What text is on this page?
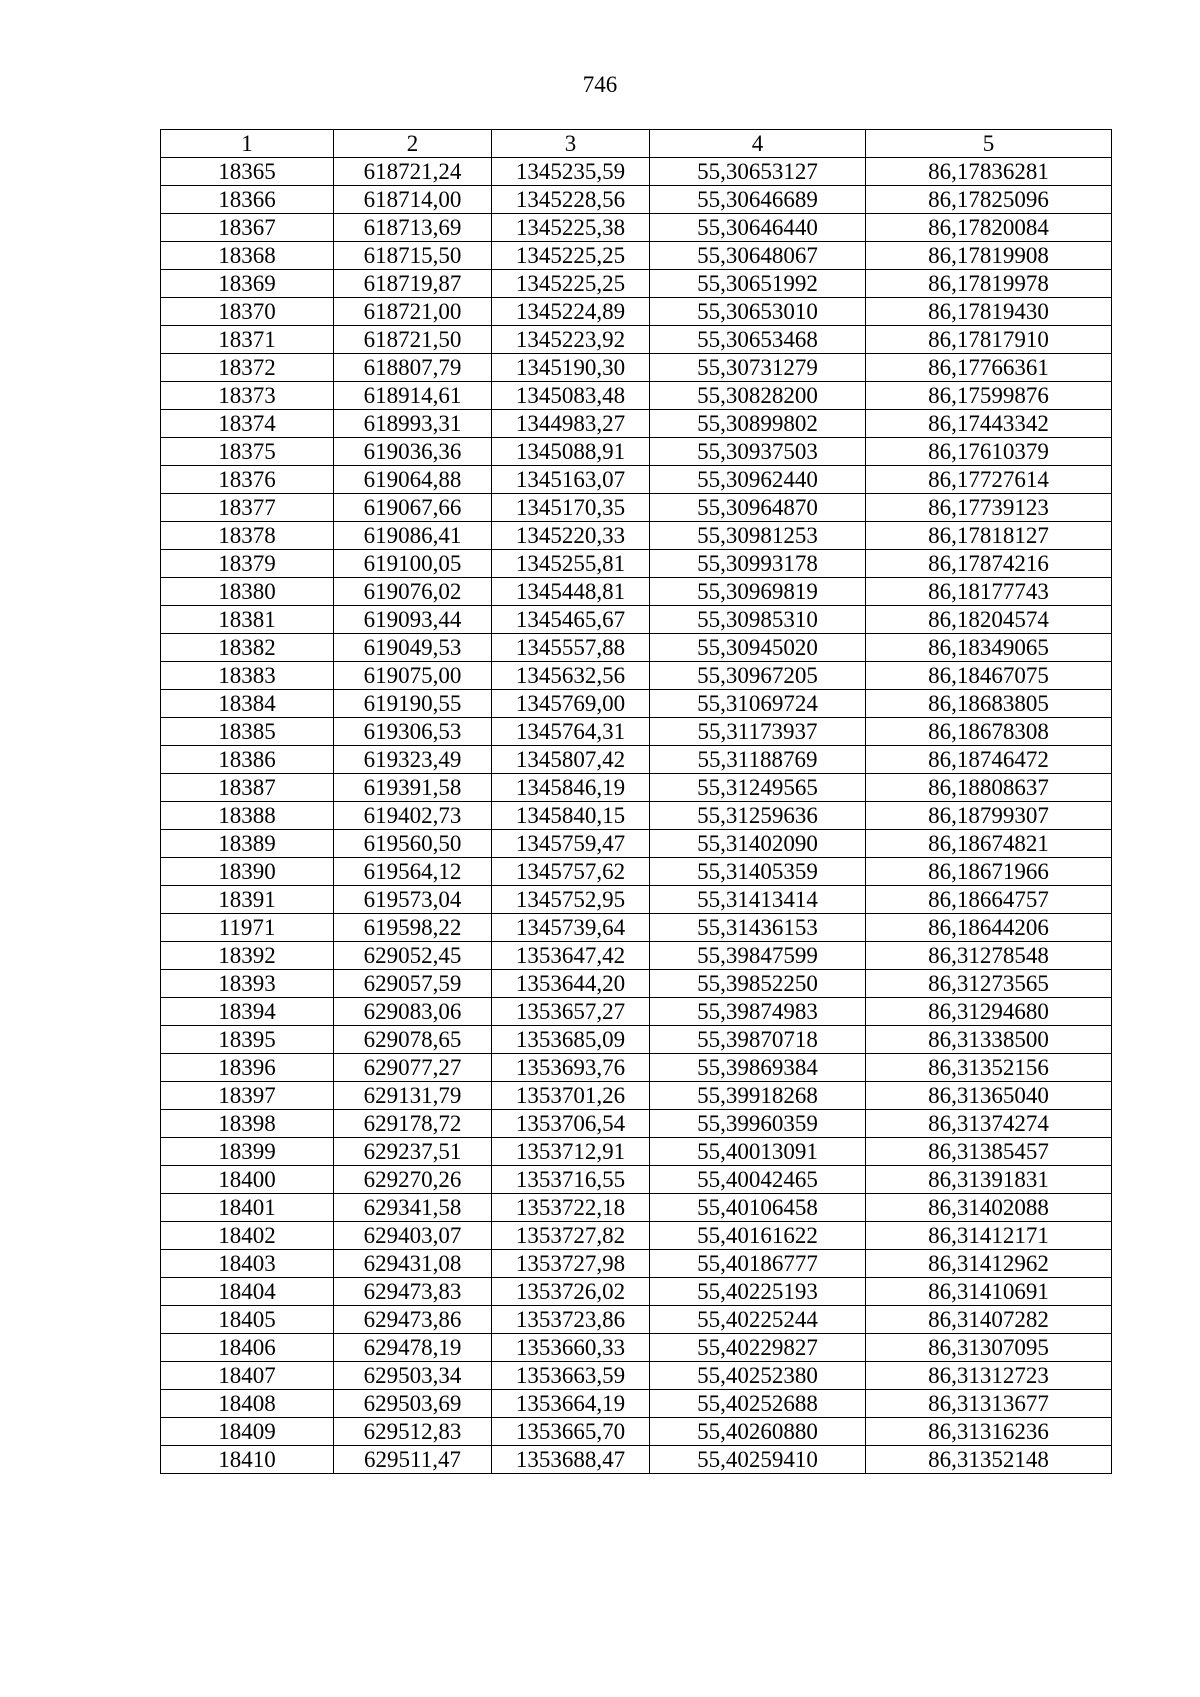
746
1	2	3	4	5
18365	618721,24	1345235,59	55,30653127	86,17836281
18366	618714,00	1345228,56	55,30646689	86,17825096
18367	618713,69	1345225,38	55,30646440	86,17820084
18368	618715,50	1345225,25	55,30648067	86,17819908
18369	618719,87	1345225,25	55,30651992	86,17819978
18370	618721,00	1345224,89	55,30653010	86,17819430
18371	618721,50	1345223,92	55,30653468	86,17817910
18372	618807,79	1345190,30	55,30731279	86,17766361
18373	618914,61	1345083,48	55,30828200	86,17599876
18374	618993,31	1344983,27	55,30899802	86,17443342
18375	619036,36	1345088,91	55,30937503	86,17610379
18376	619064,88	1345163,07	55,30962440	86,17727614
18377	619067,66	1345170,35	55,30964870	86,17739123
18378	619086,41	1345220,33	55,30981253	86,17818127
18379	619100,05	1345255,81	55,30993178	86,17874216
18380	619076,02	1345448,81	55,30969819	86,18177743
18381	619093,44	1345465,67	55,30985310	86,18204574
18382	619049,53	1345557,88	55,30945020	86,18349065
18383	619075,00	1345632,56	55,30967205	86,18467075
18384	619190,55	1345769,00	55,31069724	86,18683805
18385	619306,53	1345764,31	55,31173937	86,18678308
18386	619323,49	1345807,42	55,31188769	86,18746472
18387	619391,58	1345846,19	55,31249565	86,18808637
18388	619402,73	1345840,15	55,31259636	86,18799307
18389	619560,50	1345759,47	55,31402090	86,18674821
18390	619564,12	1345757,62	55,31405359	86,18671966
18391	619573,04	1345752,95	55,31413414	86,18664757
11971	619598,22	1345739,64	55,31436153	86,18644206
18392	629052,45	1353647,42	55,39847599	86,31278548
18393	629057,59	1353644,20	55,39852250	86,31273565
18394	629083,06	1353657,27	55,39874983	86,31294680
18395	629078,65	1353685,09	55,39870718	86,31338500
18396	629077,27	1353693,76	55,39869384	86,31352156
18397	629131,79	1353701,26	55,39918268	86,31365040
18398	629178,72	1353706,54	55,39960359	86,31374274
18399	629237,51	1353712,91	55,40013091	86,31385457
18400	629270,26	1353716,55	55,40042465	86,31391831
18401	629341,58	1353722,18	55,40106458	86,31402088
18402	629403,07	1353727,82	55,40161622	86,31412171
18403	629431,08	1353727,98	55,40186777	86,31412962
18404	629473,83	1353726,02	55,40225193	86,31410691
18405	629473,86	1353723,86	55,40225244	86,31407282
18406	629478,19	1353660,33	55,40229827	86,31307095
18407	629503,34	1353663,59	55,40252380	86,31312723
18408	629503,69	1353664,19	55,40252688	86,31313677
18409	629512,83	1353665,70	55,40260880	86,31316236
18410	629511,47	1353688,47	55,40259410	86,31352148
